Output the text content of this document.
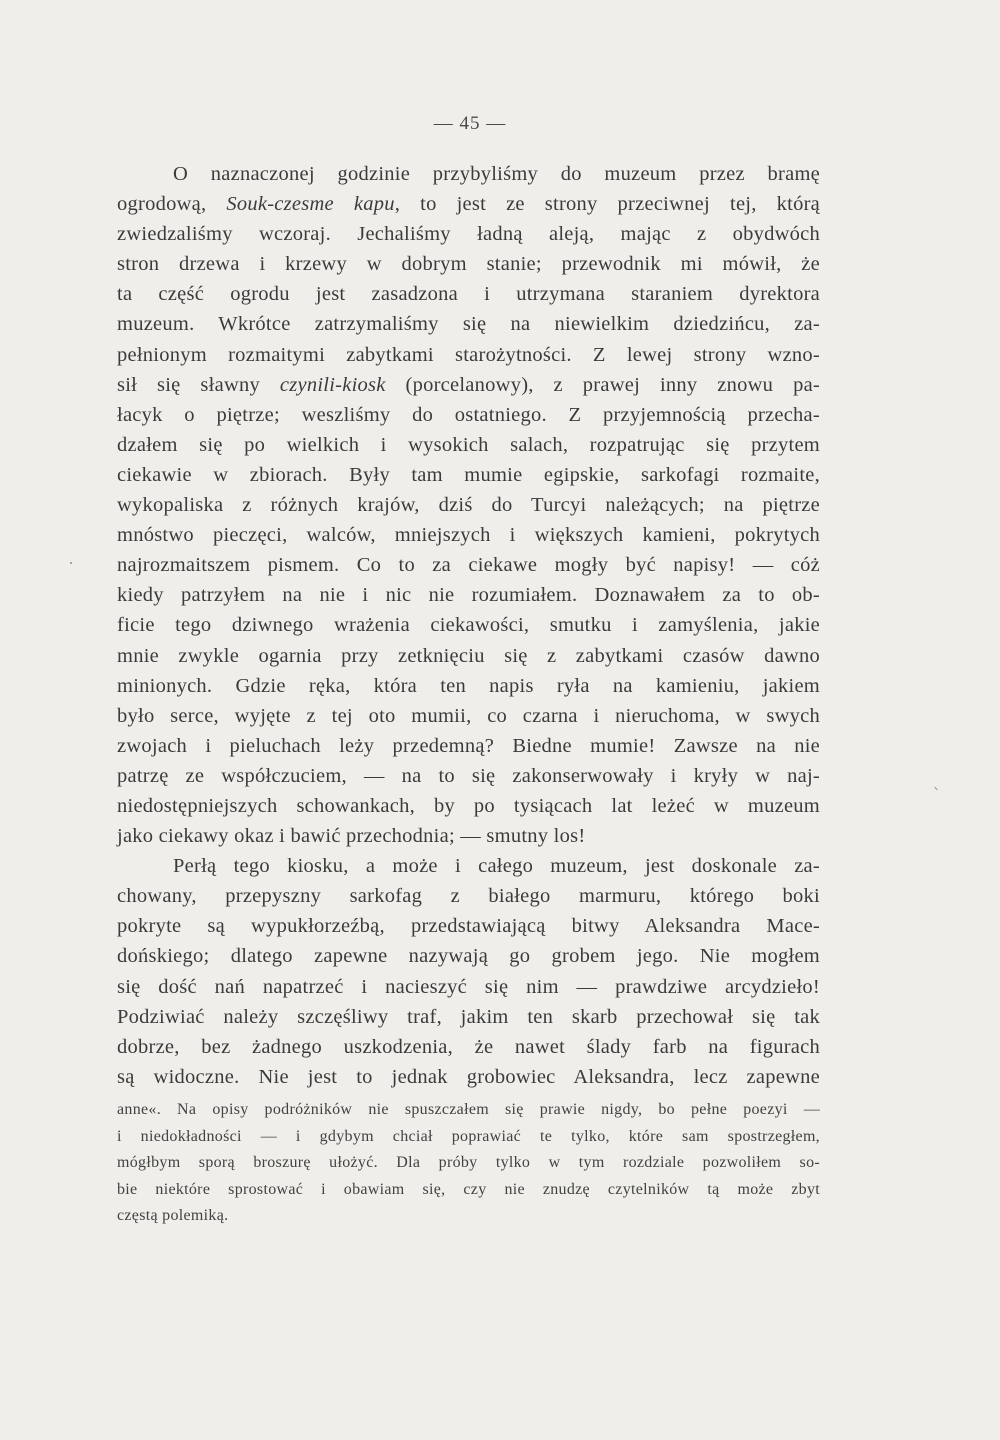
— 45 —
O naznaczonej godzinie przybyliśmy do muzeum przez bramę
ogrodową, Souk-czesme kapu, to jest ze strony przeciwnej tej, którą
zwiedzaliśmy wczoraj. Jechaliśmy ładną aleją, mając z obydwóch
stron drzewa i krzewy w dobrym stanie; przewodnik mi mówił, że
ta część ogrodu jest zasadzona i utrzymana staraniem dyrektora
muzeum. Wkrótce zatrzymaliśmy się na niewielkim dziedzińcu, za-
pełnionym rozmaitymi zabytkami starożytności. Z lewej strony wzno-
sił się sławny czynili-kiosk (porcelanowy), z prawej inny znowu pa-
łacyk o piętrze; weszliśmy do ostatniego. Z przyjemnością przecha-
dzałem się po wielkich i wysokich salach, rozpatrując się przytem
ciekawie w zbiorach. Były tam mumie egipskie, sarkofagi rozmaite,
wykopaliska z różnych krajów, dziś do Turcyi należących; na piętrze
mnóstwo pieczęci, walców, mniejszych i większych kamieni, pokrytych
najrozmaitszem pismem. Co to za ciekawe mogły być napisy! — cóż
kiedy patrzyłem na nie i nic nie rozumiałem. Doznawałem za to ob-
ficie tego dziwnego wrażenia ciekawości, smutku i zamyślenia, jakie
mnie zwykle ogarnia przy zetknięciu się z zabytkami czasów dawno
minionych. Gdzie ręka, która ten napis ryła na kamieniu, jakiem
było serce, wyjęte z tej oto mumii, co czarna i nieruchoma, w swych
zwojach i pieluchach leży przedemną? Biedne mumie! Zawsze na nie
patrzę ze współczuciem, — na to się zakonserwowały i kryły w naj-
niedostępniejszych schowankach, by po tysiącach lat leżeć w muzeum
jako ciekawy okaz i bawić przechodnia; — smutny los!
Perłą tego kiosku, a może i całego muzeum, jest doskonale za-
chowany, przepyszny sarkofag z białego marmuru, którego boki
pokryte są wypukłorzeźbą, przedstawiającą bitwy Aleksandra Mace-
dońskiego; dlatego zapewne nazywają go grobem jego. Nie mogłem
się dość nań napatrzeć i nacieszyć się nim — prawdziwe arcydzieło!
Podziwiać należy szczęśliwy traf, jakim ten skarb przechował się tak
dobrze, bez żadnego uszkodzenia, że nawet ślady farb na figurach
są widoczne. Nie jest to jednak grobowiec Aleksandra, lecz zapewne
anne«. Na opisy podróżników nie spuszczałem się prawie nigdy, bo pełne poezyi —
i niedokładności — i gdybym chciał poprawiać te tylko, które sam spostrzegłem,
mógłbym sporą broszurę ułożyć. Dla próby tylko w tym rozdziale pozwoliłem so-
bie niektóre sprostować i obawiam się, czy nie znudzę czytelników tą może zbyt
częstą polemiką.
